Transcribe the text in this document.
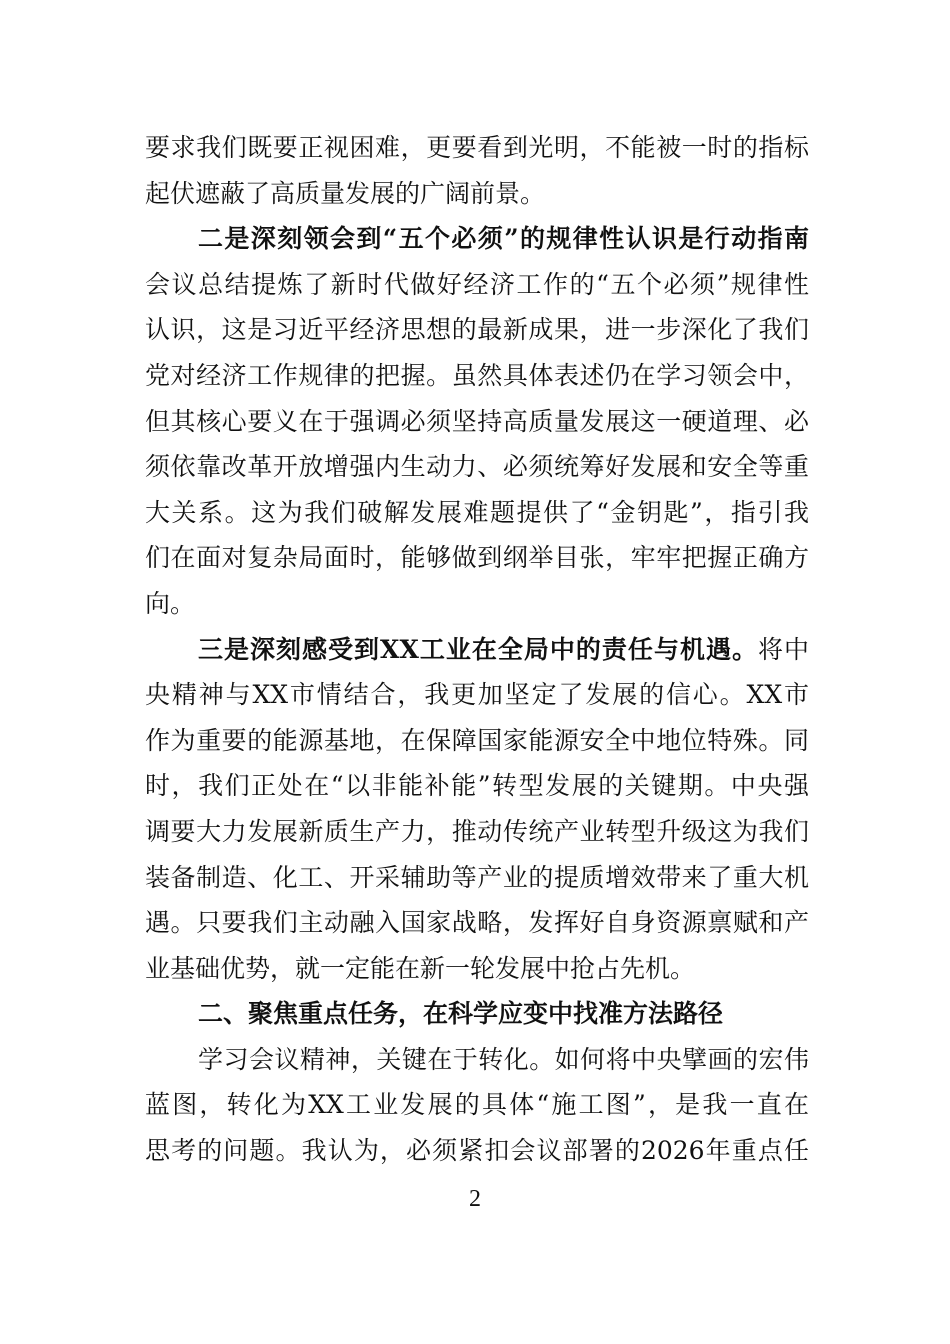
要求我们既要正视困难，更要看到光明，不能被一时的指标
起伏遮蔽了高质量发展的广阔前景。
二是深刻领会到“五个必须”的规律性认识是行动指南
会议总结提炼了新时代做好经济工作的“五个必须”规律性
认识，这是习近平经济思想的最新成果，进一步深化了我们
党对经济工作规律的把握。虽然具体表述仍在学习领会中，
但其核心要义在于强调必须坚持高质量发展这一硬道理、必
须依靠改革开放增强内生动力、必须统筹好发展和安全等重
大关系。这为我们破解发展难题提供了“金钥匙”，指引我
们在面对复杂局面时，能够做到纲举目张，牢牢把握正确方
向。
三是深刻感受到XX工业在全局中的责任与机遇。将中
央精神与XX市情结合，我更加坚定了发展的信心。XX市
作为重要的能源基地，在保障国家能源安全中地位特殊。同
时，我们正处在“以非能补能”转型发展的关键期。中央强
调要大力发展新质生产力，推动传统产业转型升级这为我们
装备制造、化工、开采辅助等产业的提质增效带来了重大机
遇。只要我们主动融入国家战略，发挥好自身资源禀赋和产
业基础优势，就一定能在新一轮发展中抢占先机。
二、聚焦重点任务，在科学应变中找准方法路径
学习会议精神，关键在于转化。如何将中央擘画的宏伟
蓝图，转化为XX工业发展的具体“施工图”，是我一直在
思考的问题。我认为，必须紧扣会议部署的2026年重点任
2
